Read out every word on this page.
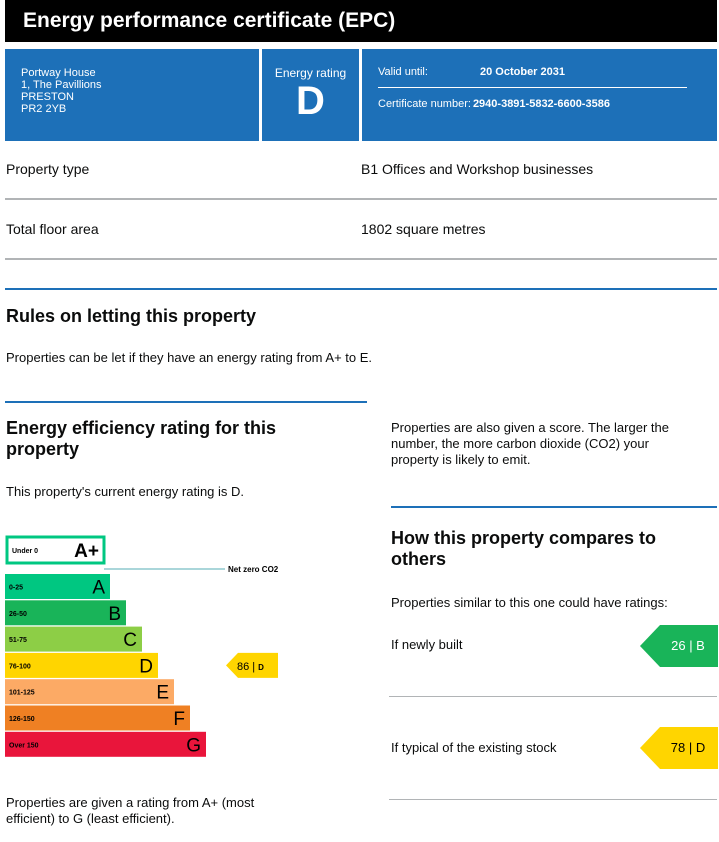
Energy performance certificate (EPC)
Portway House
1, The Pavillions
PRESTON
PR2 2YB
Energy rating
D
Valid until:	20 October 2031
Certificate number: 2940-3891-5832-6600-3586
Property type	B1 Offices and Workshop businesses
Total floor area	1802 square metres
Rules on letting this property
Properties can be let if they have an energy rating from A+ to E.
Energy efficiency rating for this
property
This property's current energy rating is D.
Under 0 A+
0-25	A
26-50	B
51-75	C
76-100	D
101-125	E
126-150	F
Over 150	G
Net zero CO2
86 | D
Properties are given a rating from A+ (most
efficient) to G (least efficient).
Properties are also given a score. The larger the
number, the more carbon dioxide (CO2) your
property is likely to emit.
How this property compares to
others
Properties similar to this one could have ratings:
If newly built	26 | B
If typical of the existing stock	78 | D
